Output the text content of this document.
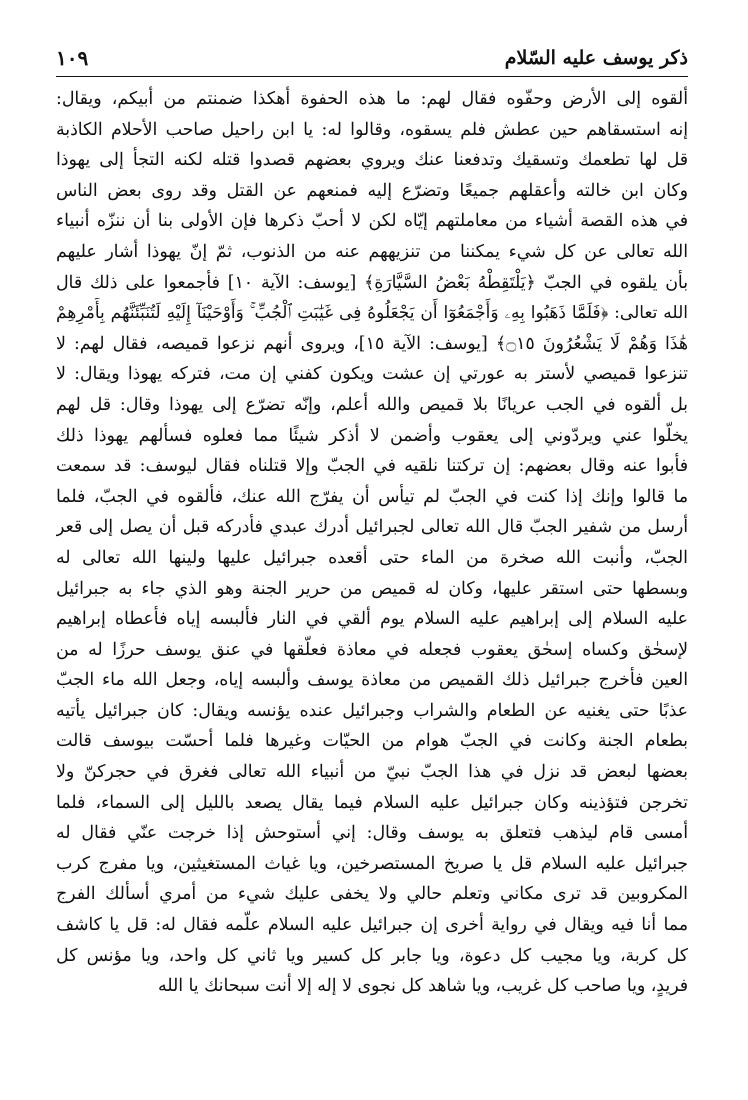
١٠٩	ذكر يوسف عليه السّلام
ألقوه إلى الأرض وحفّوه فقال لهم: ما هذه الحفوة أهكذا ضمنتم من أبيكم، ويقال:
إنه استسقاهم حين عطش فلم يسقوه، وقالوا له: يا ابن راحيل صاحب الأحلام الكاذبة
قل لها تطعمك وتسقيك وتدفعنا عنك ويروي بعضهم قصدوا قتله لكنه التجأ إلى يهوذا
وكان ابن خالته وأعقلهم جميعًا وتضرّع إليه فمنعهم عن القتل وقد روى بعض الناس
في هذه القصة أشياء من معاملتهم إيّاه لكن لا أحبّ ذكرها فإن الأولى بنا أن ننزّه أنبياء
الله تعالى عن كل شيء يمكننا من تنزيههم عنه من الذنوب، ثمّ إنّ يهوذا أشار عليهم
بأن يلقوه في الجبّ ﴿يَلْتَقِطْهُ بَعْضُ السَّيَّارَةِ﴾ [يوسف: الآية ١٠] فأجمعوا على ذلك قال
الله تعالى: ﴿فَلَمَّا ذَهَبُوا بِهِۦ وَأَجْمَعُوٓا أَن يَجْعَلُوهُ فِى غَيَٰبَتِ ٱلْجُبِّ ۚ وَأَوْحَيْنَآ إِلَيْهِ لَتُنَبِّئَنَّهُم بِأَمْرِهِمْ
هَٰذَا وَهُمْ لَا يَشْعُرُونَ ۝١٥﴾ [يوسف: الآية ١٥]، ويروى أنهم نزعوا قميصه، فقال لهم: لا
تنزعوا قميصي لأستر به عورتي إن عشت ويكون كفني إن مت، فتركه يهوذا ويقال: لا
بل ألقوه في الجب عريانًا بلا قميص والله أعلم، وإنّه تضرّع إلى يهوذا وقال: قل لهم
يخلّوا عني ويردّوني إلى يعقوب وأضمن لا أذكر شيئًا مما فعلوه فسألهم يهوذا ذلك
فأبوا عنه وقال بعضهم: إن تركتنا نلقيه في الجبّ وإلا قتلناه فقال ليوسف: قد سمعت
ما قالوا وإنك إذا كنت في الجبّ لم تيأس أن يفرّج الله عنك، فألقوه في الجبّ، فلما
أرسل من شفير الجبّ قال الله تعالى لجبرائيل أدرك عبدي فأدركه قبل أن يصل إلى قعر
الجبّ، وأنبت الله صخرة من الماء حتى أقعده جبرائيل عليها ولينها الله تعالى له
وبسطها حتى استقر عليها، وكان له قميص من حرير الجنة وهو الذي جاء به جبرائيل
عليه السلام إلى إبراهيم عليه السلام يوم ألقي في النار فألبسه إياه فأعطاه إبراهيم
لإسحٰق وكساه إسحٰق يعقوب فجعله في معاذة فعلّقها في عنق يوسف حرزًا له من
العين فأخرج جبرائيل ذلك القميص من معاذة يوسف وألبسه إياه، وجعل الله ماء الجبّ
عذبًا حتى يغنيه عن الطعام والشراب وجبرائيل عنده يؤنسه ويقال: كان جبرائيل يأتيه
بطعام الجنة وكانت في الجبّ هوام من الحيّات وغيرها فلما أحسّت بيوسف قالت
بعضها لبعض قد نزل في هذا الجبّ نبيّ من أنبياء الله تعالى فغرق في حجركنّ ولا
تخرجن فتؤذينه وكان جبرائيل عليه السلام فيما يقال يصعد بالليل إلى السماء، فلما
أمسى قام ليذهب فتعلق به يوسف وقال: إني أستوحش إذا خرجت عنّي فقال له
جبرائيل عليه السلام قل يا صريخ المستصرخين، ويا غياث المستغيثين، ويا مفرج كرب
المكروبين قد ترى مكاني وتعلم حالي ولا يخفى عليك شيء من أمري أسألك الفرج
مما أنا فيه ويقال في رواية أخرى إن جبرائيل عليه السلام علّمه فقال له: قل يا كاشف
كل كربة، ويا مجيب كل دعوة، ويا جابر كل كسير ويا ثاني كل واحد، ويا مؤنس كل
فريدٍ، ويا صاحب كل غريب، ويا شاهد كل نجوى لا إله إلا أنت سبحانك يا الله
